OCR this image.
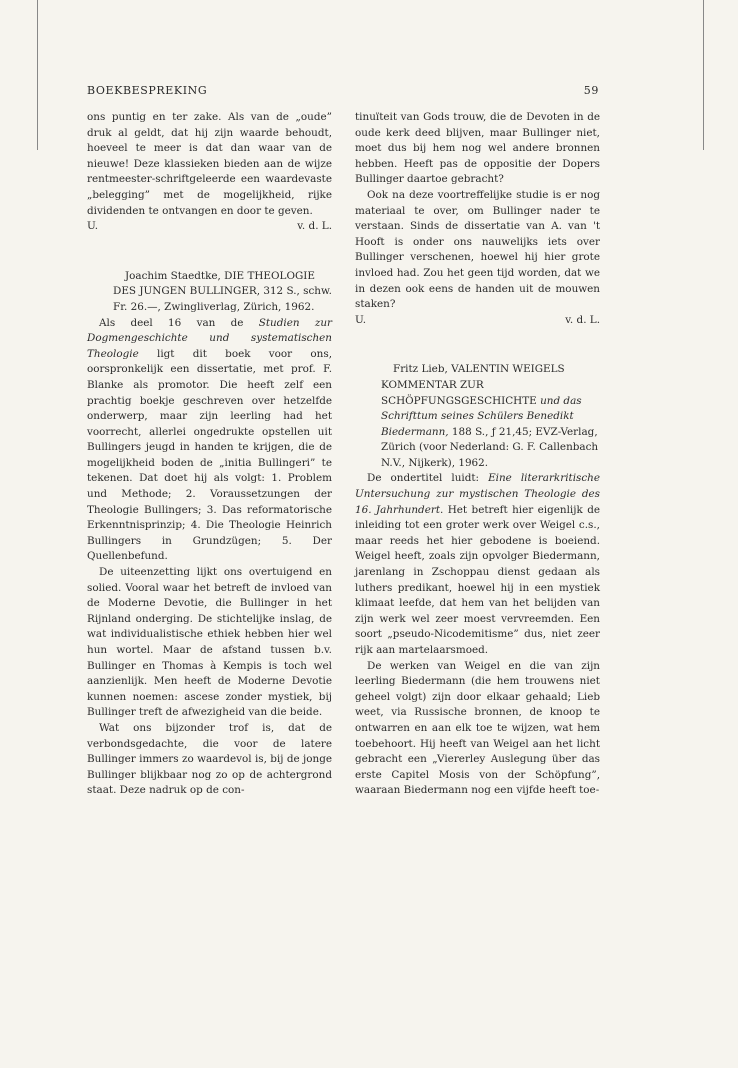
BOEKBESPREKING	59

ons puntig en ter zake. Als van de „oude” druk al geldt, dat hij zijn waarde behoudt, hoeveel te meer is dat dan waar van de nieuwe! Deze klassieken bieden aan de wijze rentmeester-schriftgeleerde een waardevaste „belegging” met de mogelijkheid, rijke dividenden te ontvangen en door te geven.

U.	v. d. L.

Joachim Staedtke, DIE THEOLOGIE DES JUNGEN BULLINGER, 312 S., schw. Fr. 26.—, Zwingliverlag, Zürich, 1962.

Als deel 16 van de Studien zur Dogmengeschichte und systematischen Theologie ligt dit boek voor ons, oorspronkelijk een dissertatie, met prof. F. Blanke als promotor. Die heeft zelf een prachtig boekje geschreven over hetzelfde onderwerp, maar zijn leerling had het voorrecht, allerlei ongedrukte opstellen uit Bullingers jeugd in handen te krijgen, die de mogelijkheid boden de „initia Bullingeri” te tekenen. Dat doet hij als volgt: 1. Problem und Methode; 2. Voraussetzungen der Theologie Bullingers; 3. Das reformatorische Erkenntnisprinzip; 4. Die Theologie Heinrich Bullingers in Grundzügen; 5. Der Quellenbefund.

De uiteenzetting lijkt ons overtuigend en solied. Vooral waar het betreft de invloed van de Moderne Devotie, die Bullinger in het Rijnland onderging. De stichtelijke inslag, de wat individualistische ethiek hebben hier wel hun wortel. Maar de afstand tussen b.v. Bullinger en Thomas à Kempis is toch wel aanzienlijk. Men heeft de Moderne Devotie kunnen noemen: ascese zonder mystiek, bij Bullinger treft de afwezigheid van die beide.

Wat ons bijzonder trof is, dat de verbondsgedachte, die voor de latere Bullinger immers zo waardevol is, bij de jonge Bullinger blijkbaar nog zo op de achtergrond staat. Deze nadruk op de con-

tinuïteit van Gods trouw, die de Devoten in de oude kerk deed blijven, maar Bullinger niet, moet dus bij hem nog wel andere bronnen hebben. Heeft pas de oppositie der Dopers Bullinger daartoe gebracht?

Ook na deze voortreffelijke studie is er nog materiaal te over, om Bullinger nader te verstaan. Sinds de dissertatie van A. van 't Hooft is onder ons nauwelijks iets over Bullinger verschenen, hoewel hij hier grote invloed had. Zou het geen tijd worden, dat we in dezen ook eens de handen uit de mouwen staken?

U.	v. d. L.

Fritz Lieb, VALENTIN WEIGELS KOMMENTAR ZUR SCHÖPFUNGSGESCHICHTE und das Schrifttum seines Schülers Benedikt Biedermann, 188 S., ƒ 21,45; EVZ-Verlag, Zürich (voor Nederland: G. F. Callenbach N.V., Nijkerk), 1962.

De ondertitel luidt: Eine literarkritische Untersuchung zur mystischen Theologie des 16. Jahrhundert. Het betreft hier eigenlijk de inleiding tot een groter werk over Weigel c.s., maar reeds het hier gebodene is boeiend. Weigel heeft, zoals zijn opvolger Biedermann, jarenlang in Zschoppau dienst gedaan als luthers predikant, hoewel hij in een mystiek klimaat leefde, dat hem van het belijden van zijn werk wel zeer moest vervreemden. Een soort „pseudo-Nicodemitisme” dus, niet zeer rijk aan martelaarsmoed.

De werken van Weigel en die van zijn leerling Biedermann (die hem trouwens niet geheel volgt) zijn door elkaar gehaald; Lieb weet, via Russische bronnen, de knoop te ontwarren en aan elk toe te wijzen, wat hem toebehoort. Hij heeft van Weigel aan het licht gebracht een „Viererley Auslegung über das erste Capitel Mosis von der Schöpfung”, waaraan Biedermann nog een vijfde heeft toe-
